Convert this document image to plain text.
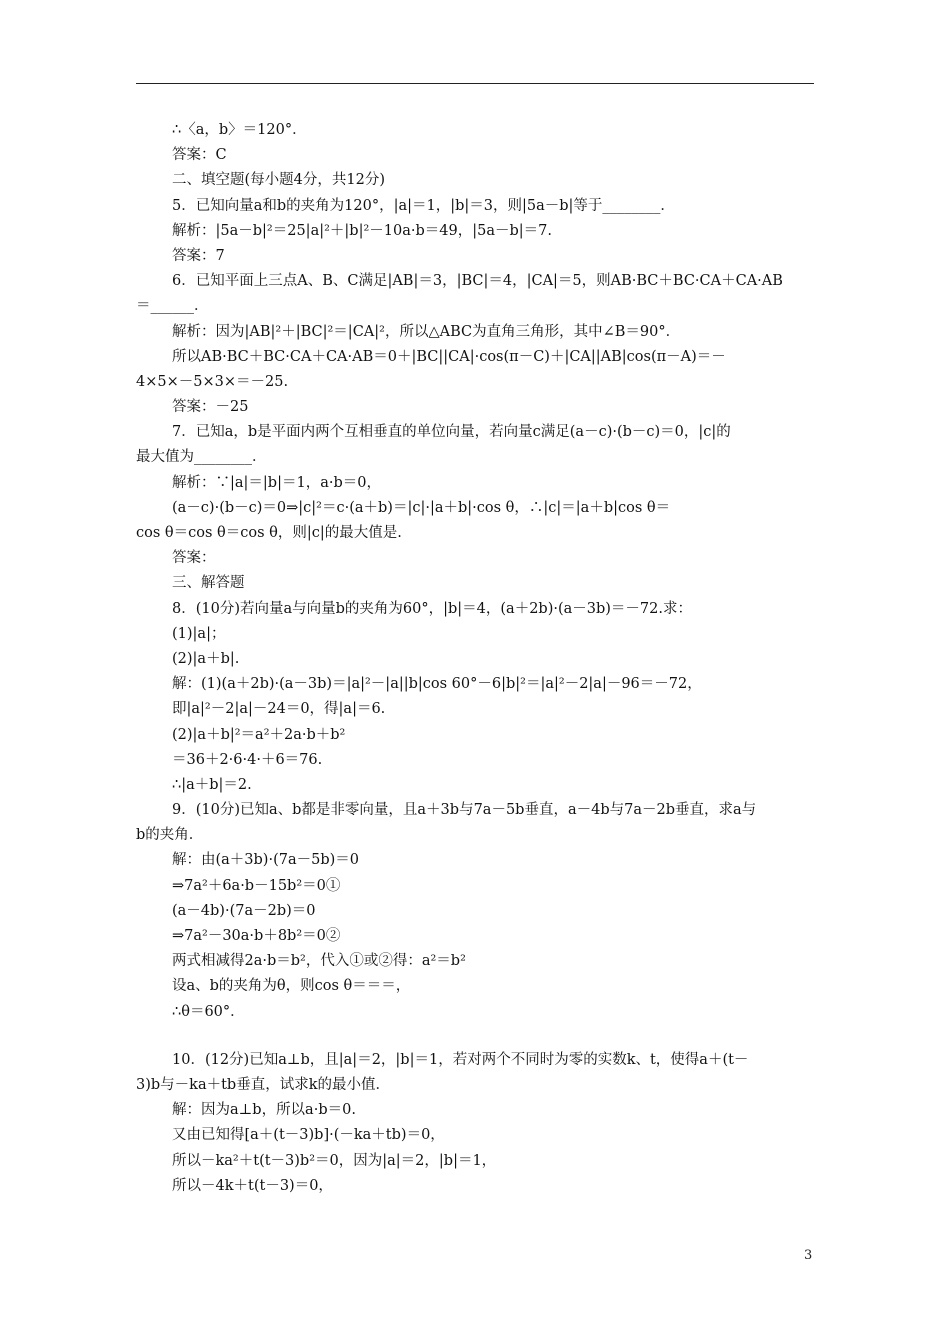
∴〈a，b〉＝120°．
答案：C
二、填空题(每小题4分，共12分)
5．已知向量a和b的夹角为120°，|a|＝1，|b|＝3，则|5a－b|等于________．
解析：|5a－b|²＝25|a|²＋|b|²－10a·b＝49，|5a－b|＝7.
答案：7
6．已知平面上三点A、B、C满足|AB|＝3，|BC|＝4，|CA|＝5，则AB·BC＋BC·CA＋CA·AB
＝______．
解析：因为|AB|²＋|BC|²＝|CA|²，所以△ABC为直角三角形，其中∠B＝90°．
所以AB·BC＋BC·CA＋CA·AB＝0＋|BC||CA|·cos(π－C)＋|CA||AB|cos(π－A)＝－
4×5×－5×3×＝－25.
答案：－25
7．已知a，b是平面内两个互相垂直的单位向量，若向量c满足(a－c)·(b－c)＝0，|c|的
最大值为________．
解析：∵|a|＝|b|＝1，a·b＝0，
(a－c)·(b－c)＝0⇒|c|²＝c·(a＋b)＝|c|·|a＋b|·cos θ，∴|c|＝|a＋b|cos θ＝
cos θ＝cos θ＝cos θ，则|c|的最大值是.
答案：
三、解答题
8．(10分)若向量a与向量b的夹角为60°，|b|＝4，(a＋2b)·(a－3b)＝－72.求：
(1)|a|；
(2)|a＋b|.
解：(1)(a＋2b)·(a－3b)＝|a|²－|a||b|cos 60°－6|b|²＝|a|²－2|a|－96＝－72，
即|a|²－2|a|－24＝0，得|a|＝6.
(2)|a＋b|²＝a²＋2a·b＋b²
＝36＋2·6·4·＋6＝76.
∴|a＋b|＝2.
9．(10分)已知a、b都是非零向量，且a＋3b与7a－5b垂直，a－4b与7a－2b垂直，求a与
b的夹角．
解：由(a＋3b)·(7a－5b)＝0
⇒7a²＋6a·b－15b²＝0①
(a－4b)·(7a－2b)＝0
⇒7a²－30a·b＋8b²＝0②
两式相减得2a·b＝b²，代入①或②得：a²＝b²
设a、b的夹角为θ，则cos θ＝＝＝，
∴θ＝60°．
10．(12分)已知a⊥b，且|a|＝2，|b|＝1，若对两个不同时为零的实数k、t，使得a＋(t－
3)b与－ka＋tb垂直，试求k的最小值．
解：因为a⊥b，所以a·b＝0.
又由已知得[a＋(t－3)b]·(－ka＋tb)＝0，
所以－ka²＋t(t－3)b²＝0，因为|a|＝2，|b|＝1，
所以－4k＋t(t－3)＝0，
3
